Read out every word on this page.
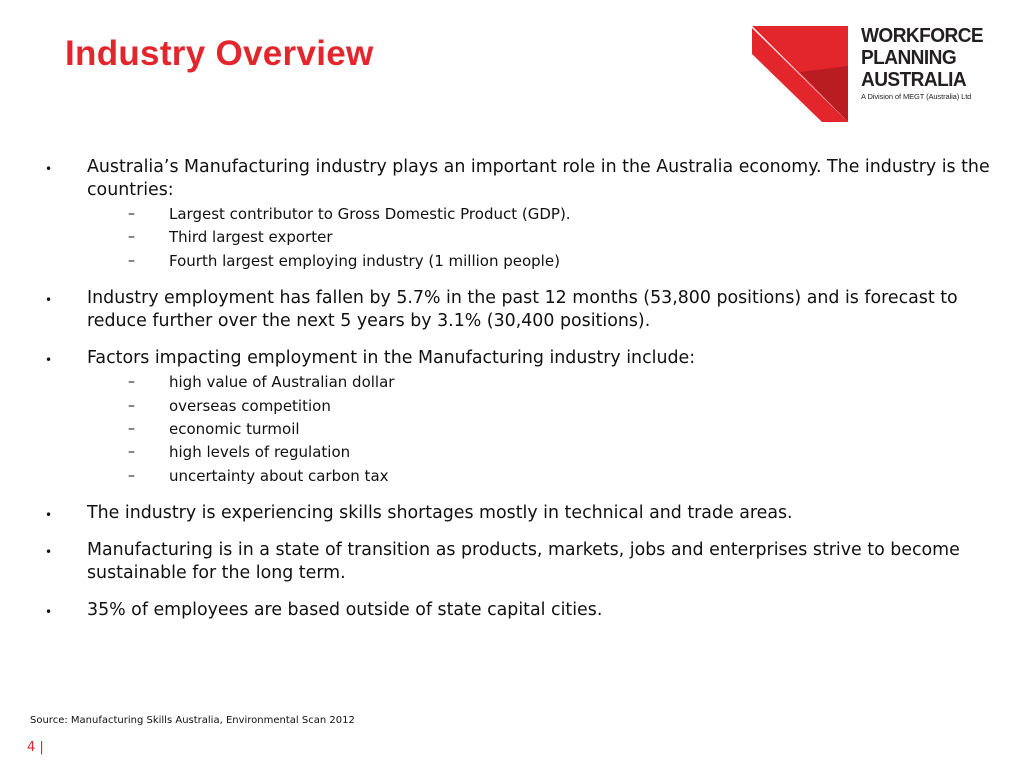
Industry Overview	WORKFORCE
PLANNING
AUSTRALIA
A Division of MEGT (Australia) Ltd
• Australia’s Manufacturing industry plays an important role in the Australia economy. The industry is the countries:
– Largest contributor to Gross Domestic Product (GDP).
– Third largest exporter
– Fourth largest employing industry (1 million people)
• Industry employment has fallen by 5.7% in the past 12 months (53,800 positions) and is forecast to reduce further over the next 5 years by 3.1% (30,400 positions).
• Factors impacting employment in the Manufacturing industry include:
– high value of Australian dollar
– overseas competition
– economic turmoil
– high levels of regulation
– uncertainty about carbon tax
• The industry is experiencing skills shortages mostly in technical and trade areas.
• Manufacturing is in a state of transition as products, markets, jobs and enterprises strive to become sustainable for the long term.
• 35% of employees are based outside of state capital cities.
Source: Manufacturing Skills Australia, Environmental Scan 2012
4 |
